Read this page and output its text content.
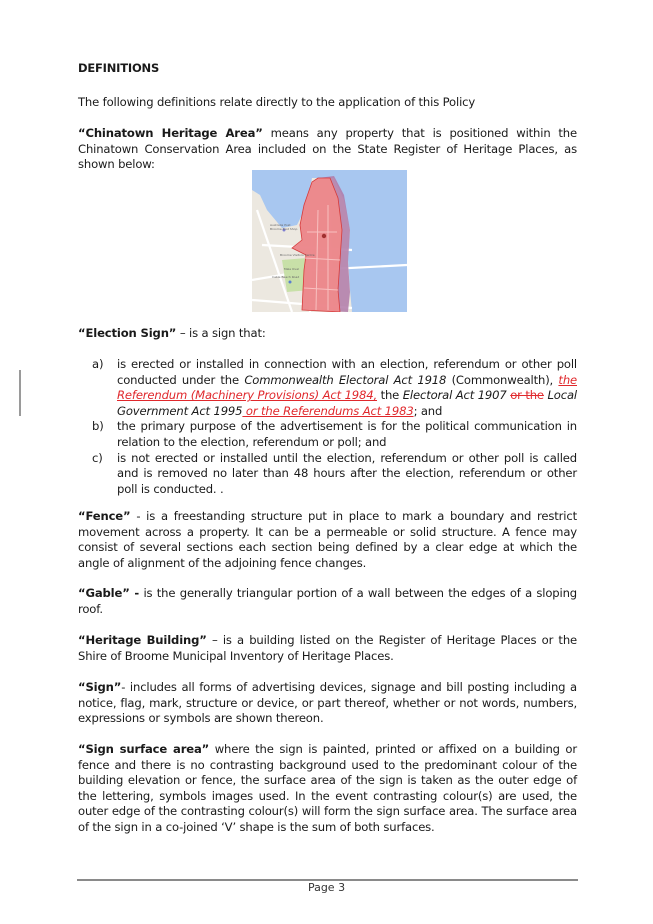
DEFINITIONS
The following definitions relate directly to the application of this Policy
“Chinatown Heritage Area” means any property that is positioned within the Chinatown Conservation Area included on the State Register of Heritage Places, as shown below:
Australia Post
Broome Post Shop
Broome Visitors Centre
Male Oval
Cable Beach Road
“Election Sign” – is a sign that:
a) is erected or installed in connection with an election, referendum or other poll conducted under the Commonwealth Electoral Act 1918 (Commonwealth), the Referendum (Machinery Provisions) Act 1984, the Electoral Act 1907 or the Local Government Act 1995 or the Referendums Act 1983; and
b) the primary purpose of the advertisement is for the political communication in relation to the election, referendum or poll; and
c) is not erected or installed until the election, referendum or other poll is called and is removed no later than 48 hours after the election, referendum or other poll is conducted. .
“Fence” - is a freestanding structure put in place to mark a boundary and restrict movement across a property. It can be a permeable or solid structure. A fence may consist of several sections each section being defined by a clear edge at which the angle of alignment of the adjoining fence changes.
“Gable” - is the generally triangular portion of a wall between the edges of a sloping roof.
“Heritage Building” – is a building listed on the Register of Heritage Places or the Shire of Broome Municipal Inventory of Heritage Places.
“Sign”- includes all forms of advertising devices, signage and bill posting including a notice, flag, mark, structure or device, or part thereof, whether or not words, numbers, expressions or symbols are shown thereon.
“Sign surface area” where the sign is painted, printed or affixed on a building or fence and there is no contrasting background used to the predominant colour of the building elevation or fence, the surface area of the sign is taken as the outer edge of the lettering, symbols images used. In the event contrasting colour(s) are used, the outer edge of the contrasting colour(s) will form the sign surface area. The surface area of the sign in a co-joined ‘V’ shape is the sum of both surfaces.
Page 3
